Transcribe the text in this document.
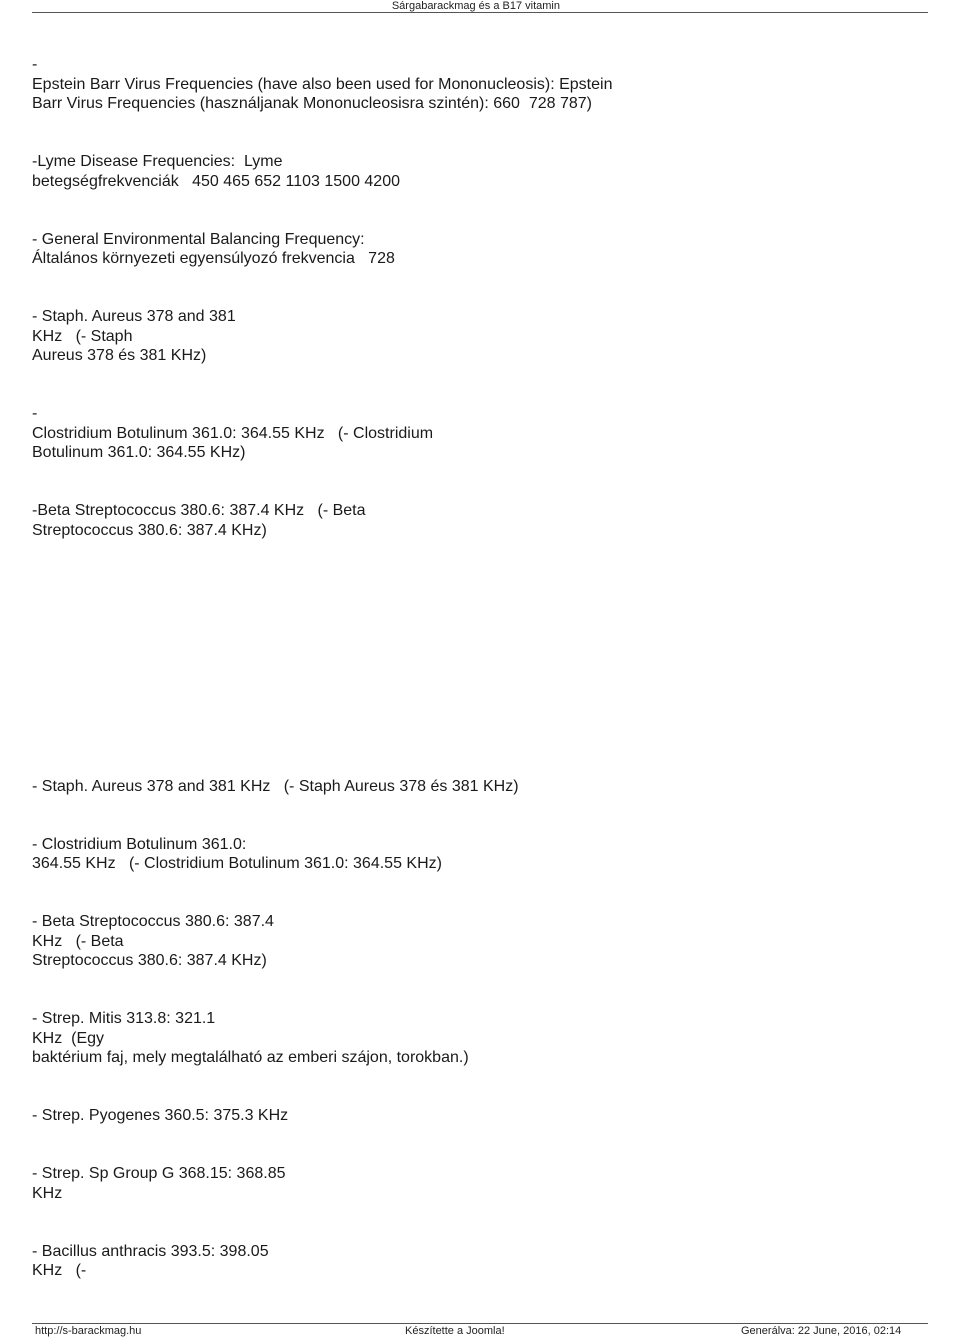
Sárgabarackmag és a B17 vitamin
-
Epstein Barr Virus Frequencies (have also been used for Mononucleosis): Epstein
Barr Virus Frequencies (használjanak Mononucleosisra szintén): 660  728 787)
-Lyme Disease Frequencies:  Lyme
betegségfrekvenciák   450 465 652 1103 1500 4200
- General Environmental Balancing Frequency:
Általános környezeti egyensúlyozó frekvencia   728
- Staph. Aureus 378 and 381
KHz   (- Staph
Aureus 378 és 381 KHz)
-
Clostridium Botulinum 361.0: 364.55 KHz   (- Clostridium
Botulinum 361.0: 364.55 KHz)
-Beta Streptococcus 380.6: 387.4 KHz   (- Beta
Streptococcus 380.6: 387.4 KHz)
- Staph. Aureus 378 and 381 KHz   (- Staph Aureus 378 és 381 KHz)
- Clostridium Botulinum 361.0:
364.55 KHz   (- Clostridium Botulinum 361.0: 364.55 KHz)
- Beta Streptococcus 380.6: 387.4
KHz   (- Beta
Streptococcus 380.6: 387.4 KHz)
- Strep. Mitis 313.8: 321.1
KHz  (Egy
baktérium faj, mely megtalálható az emberi szájon, torokban.)
- Strep. Pyogenes 360.5: 375.3 KHz
- Strep. Sp Group G 368.15: 368.85
KHz
- Bacillus anthracis 393.5: 398.05
KHz   (-
http://s-barackmag.hu	Készítette a Joomla!	Generálva: 22 June, 2016, 02:14
